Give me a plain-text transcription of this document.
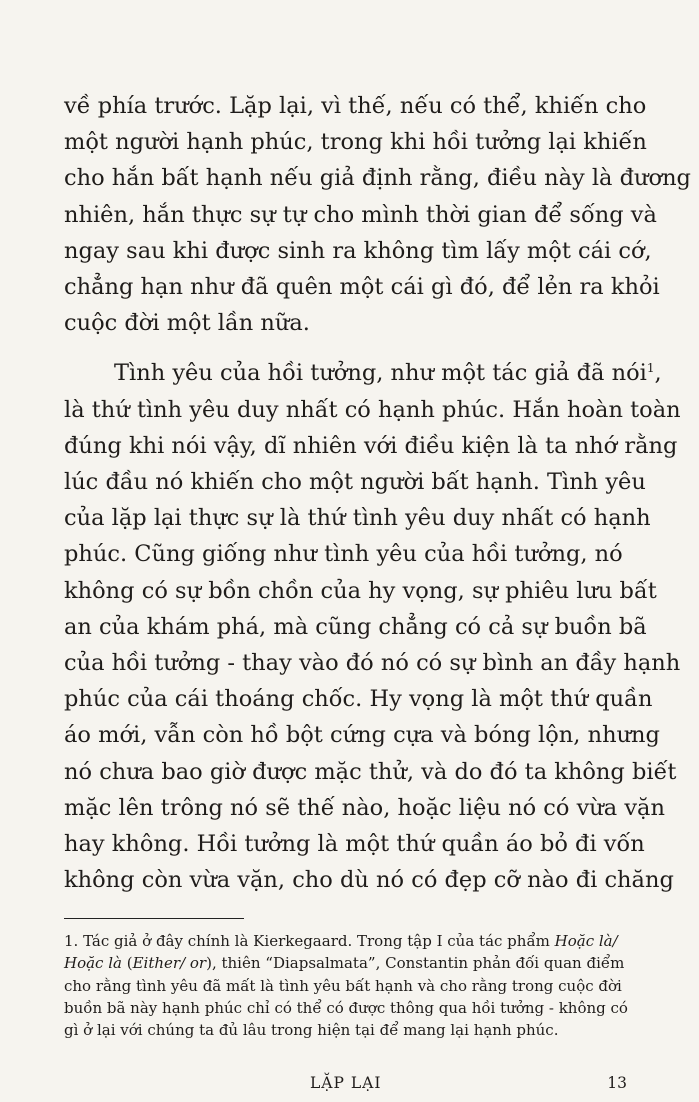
về phía trước. Lặp lại, vì thế, nếu có thể, khiến cho
một người hạnh phúc, trong khi hồi tưởng lại khiến
cho hắn bất hạnh nếu giả định rằng, điều này là đương
nhiên, hắn thực sự tự cho mình thời gian để sống và
ngay sau khi được sinh ra không tìm lấy một cái cớ,
chẳng hạn như đã quên một cái gì đó, để lẻn ra khỏi
cuộc đời một lần nữa.
Tình yêu của hồi tưởng, như một tác giả đã nói$^1$,
là thứ tình yêu duy nhất có hạnh phúc. Hắn hoàn toàn
đúng khi nói vậy, dĩ nhiên với điều kiện là ta nhớ rằng
lúc đầu nó khiến cho một người bất hạnh. Tình yêu
của lặp lại thực sự là thứ tình yêu duy nhất có hạnh
phúc. Cũng giống như tình yêu của hồi tưởng, nó
không có sự bồn chồn của hy vọng, sự phiêu lưu bất
an của khám phá, mà cũng chẳng có cả sự buồn bã
của hồi tưởng - thay vào đó nó có sự bình an đầy hạnh
phúc của cái thoáng chốc. Hy vọng là một thứ quần
áo mới, vẫn còn hồ bột cứng cựa và bóng lộn, nhưng
nó chưa bao giờ được mặc thử, và do đó ta không biết
mặc lên trông nó sẽ thế nào, hoặc liệu nó có vừa vặn
hay không. Hồi tưởng là một thứ quần áo bỏ đi vốn
không còn vừa vặn, cho dù nó có đẹp cỡ nào đi chăng
1. Tác giả ở đây chính là Kierkegaard. Trong tập I của tác phẩm Hoặc là/
Hoặc là (Either/ or), thiên “Diapsalmata”, Constantin phản đối quan điểm
cho rằng tình yêu đã mất là tình yêu bất hạnh và cho rằng trong cuộc đời
buồn bã này hạnh phúc chỉ có thể có được thông qua hồi tưởng - không có
gì ở lại với chúng ta đủ lâu trong hiện tại để mang lại hạnh phúc.
LẶP LẠI	13
